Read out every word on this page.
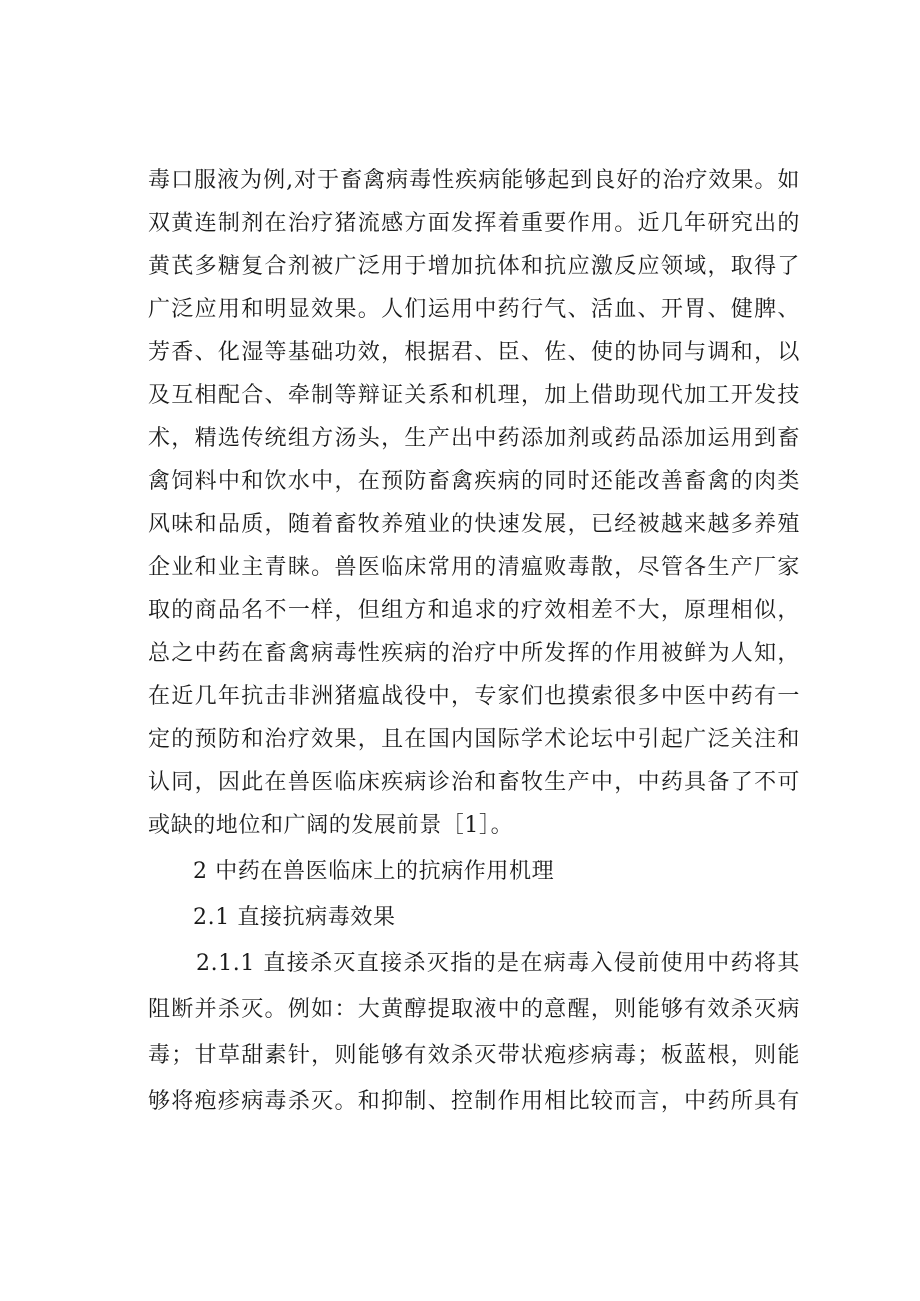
毒口服液为例,对于畜禽病毒性疾病能够起到良好的治疗效果。如
双黄连制剂在治疗猪流感方面发挥着重要作用。近几年研究出的
黄芪多糖复合剂被广泛用于增加抗体和抗应激反应领域，取得了
广泛应用和明显效果。人们运用中药行气、活血、开胃、健脾、
芳香、化湿等基础功效，根据君、臣、佐、使的协同与调和，以
及互相配合、牵制等辩证关系和机理，加上借助现代加工开发技
术，精选传统组方汤头，生产出中药添加剂或药品添加运用到畜
禽饲料中和饮水中，在预防畜禽疾病的同时还能改善畜禽的肉类
风味和品质，随着畜牧养殖业的快速发展，已经被越来越多养殖
企业和业主青睐。兽医临床常用的清瘟败毒散，尽管各生产厂家
取的商品名不一样，但组方和追求的疗效相差不大，原理相似，
总之中药在畜禽病毒性疾病的治疗中所发挥的作用被鲜为人知，
在近几年抗击非洲猪瘟战役中，专家们也摸索很多中医中药有一
定的预防和治疗效果，且在国内国际学术论坛中引起广泛关注和
认同，因此在兽医临床疾病诊治和畜牧生产中，中药具备了不可
或缺的地位和广阔的发展前景［1］。
2 中药在兽医临床上的抗病作用机理
2.1 直接抗病毒效果
2.1.1 直接杀灭直接杀灭指的是在病毒入侵前使用中药将其
阻断并杀灭。例如：大黄醇提取液中的意醒，则能够有效杀灭病
毒；甘草甜素针，则能够有效杀灭带状疱疹病毒；板蓝根，则能
够将疱疹病毒杀灭。和抑制、控制作用相比较而言，中药所具有
